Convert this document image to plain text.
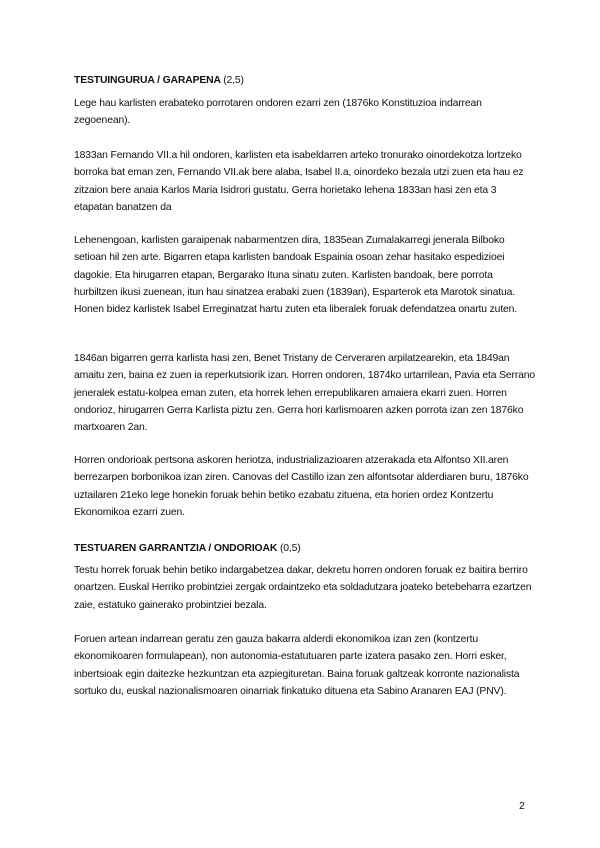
TESTUINGURUA / GARAPENA (2,5)

Lege hau karlisten erabateko porrotaren ondoren ezarri zen (1876ko Konstituzioa indarrean zegoenean).

1833an Fernando VII.a hil ondoren, karlisten eta isabeldarren arteko tronurako oinordekotza lortzeko borroka bat eman zen, Fernando VII.ak bere alaba, Isabel II.a, oinordeko bezala utzi zuen eta hau ez zitzaion bere anaia Karlos Maria Isidrori gustatu. Gerra horietako lehena 1833an hasi zen eta 3 etapatan banatzen da

Lehenengoan, karlisten garaipenak nabarmentzen dira, 1835ean Zumalakarregi jenerala Bilboko setioan hil zen arte. Bigarren etapa karlisten bandoak Espainia osoan zehar hasitako espedizioei dagokie. Eta hirugarren etapan, Bergarako Ituna sinatu zuten. Karlisten bandoak, bere porrota hurbiltzen ikusi zuenean, itun hau sinatzea erabaki zuen (1839an), Esparterok eta Marotok sinatua. Honen bidez karlistek Isabel Erreginatzat hartu zuten eta liberalek foruak defendatzea onartu zuten.

1846an bigarren gerra karlista hasi zen, Benet Tristany de Cerveraren arpilatzearekin, eta 1849an amaitu zen, baina ez zuen ia reperkutsiorik izan. Horren ondoren, 1874ko urtarrilean, Pavia eta Serrano jeneralek estatu-kolpea eman zuten, eta horrek lehen errepublikaren amaiera ekarri zuen. Horren ondorioz, hirugarren Gerra Karlista piztu zen. Gerra hori karlismoaren azken porrota izan zen 1876ko martxoaren 2an.

Horren ondorioak pertsona askoren heriotza, industrializazioaren atzerakada eta Alfontso XII.aren berrezarpen borbonikoa izan ziren. Canovas del Castillo izan zen alfontsotar alderdiaren buru, 1876ko uztailaren 21eko lege honekin foruak behin betiko ezabatu zituena, eta horien ordez Kontzertu Ekonomikoa ezarri zuen.

TESTUAREN GARRANTZIA / ONDORIOAK (0,5)

Testu horrek foruak behin betiko indargabetzea dakar, dekretu horren ondoren foruak ez baitira berriro onartzen. Euskal Herriko probintziei zergak ordaintzeko eta soldadutzara joateko betebeharra ezartzen zaie, estatuko gainerako probintziei bezala.

Foruen artean indarrean geratu zen gauza bakarra alderdi ekonomikoa izan zen (kontzertu ekonomikoaren formulapean), non autonomia-estatutuaren parte izatera pasako zen. Horri esker, inbertsioak egin daitezke hezkuntzan eta azpiegituretan. Baina foruak galtzeak korronte nazionalista sortuko du, euskal nazionalismoaren oinarriak finkatuko dituena eta Sabino Aranaren EAJ (PNV).

2
